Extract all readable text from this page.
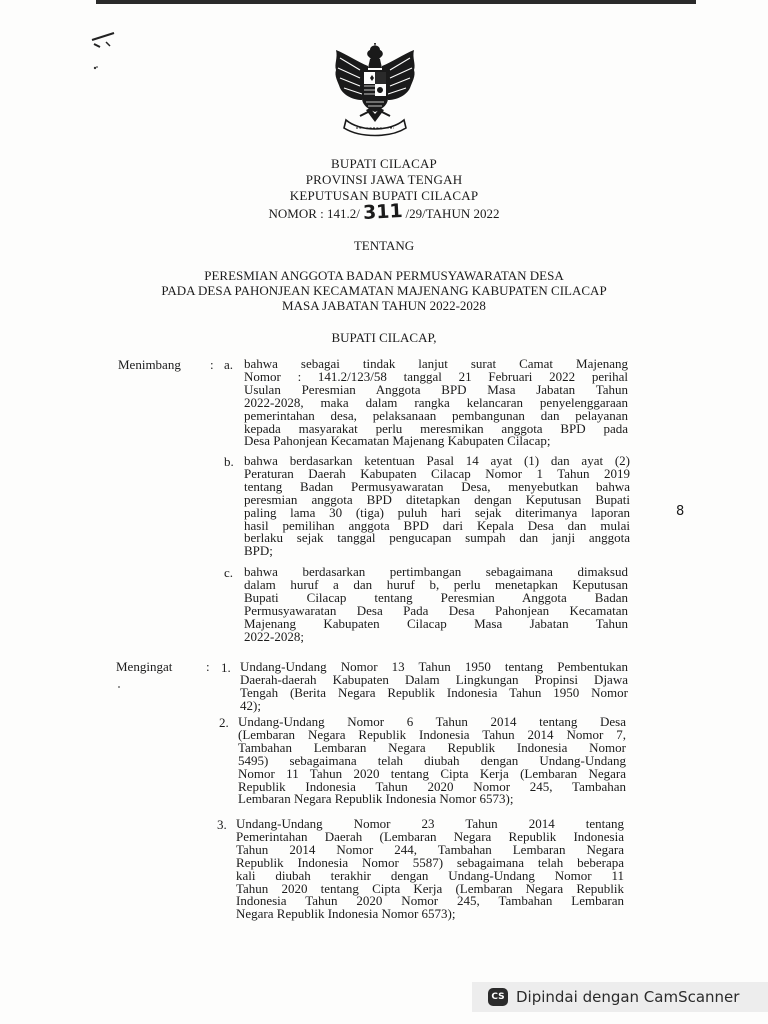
BUPATI CILACAP
PROVINSI JAWA TENGAH
KEPUTUSAN BUPATI CILACAP
NOMOR : 141.2/ 311 /29/TAHUN 2022
TENTANG
PERESMIAN ANGGOTA BADAN PERMUSYAWARATAN DESA
PADA DESA PAHONJEAN KECAMATAN MAJENANG KABUPATEN CILACAP
MASA JABATAN TAHUN 2022-2028
BUPATI CILACAP,
Menimbang : a. bahwa sebagai tindak lanjut surat Camat Majenang
Nomor : 141.2/123/58 tanggal 21 Februari 2022 perihal
Usulan Peresmian Anggota BPD Masa Jabatan Tahun
2022-2028, maka dalam rangka kelancaran penyelenggaraan
pemerintahan desa, pelaksanaan pembangunan dan pelayanan
kepada masyarakat perlu meresmikan anggota BPD pada
Desa Pahonjean Kecamatan Majenang Kabupaten Cilacap;
b. bahwa berdasarkan ketentuan Pasal 14 ayat (1) dan ayat (2)
Peraturan Daerah Kabupaten Cilacap Nomor 1 Tahun 2019
tentang Badan Permusyawaratan Desa, menyebutkan bahwa
peresmian anggota BPD ditetapkan dengan Keputusan Bupati
paling lama 30 (tiga) puluh hari sejak diterimanya laporan
hasil pemilihan anggota BPD dari Kepala Desa dan mulai
berlaku sejak tanggal pengucapan sumpah dan janji anggota
BPD;
c. bahwa berdasarkan pertimbangan sebagaimana dimaksud
dalam huruf a dan huruf b, perlu menetapkan Keputusan
Bupati Cilacap tentang Peresmian Anggota Badan
Permusyawaratan Desa Pada Desa Pahonjean Kecamatan
Majenang Kabupaten Cilacap Masa Jabatan Tahun
2022-2028;
Mengingat	: 1. Undang-Undang Nomor 13 Tahun 1950 tentang Pembentukan
Daerah-daerah Kabupaten Dalam Lingkungan Propinsi Djawa
Tengah (Berita Negara Republik Indonesia Tahun 1950 Nomor
42);
2. Undang-Undang Nomor 6 Tahun 2014 tentang Desa
(Lembaran Negara Republik Indonesia Tahun 2014 Nomor 7,
Tambahan Lembaran Negara Republik Indonesia Nomor
5495) sebagaimana telah diubah dengan Undang-Undang
Nomor 11 Tahun 2020 tentang Cipta Kerja (Lembaran Negara
Republik Indonesia Tahun 2020 Nomor 245, Tambahan
Lembaran Negara Republik Indonesia Nomor 6573);
3. Undang-Undang Nomor 23 Tahun 2014 tentang
Pemerintahan Daerah (Lembaran Negara Republik Indonesia
Tahun 2014 Nomor 244, Tambahan Lembaran Negara
Republik Indonesia Nomor 5587) sebagaimana telah beberapa
kali diubah terakhir dengan Undang-Undang Nomor 11
Tahun 2020 tentang Cipta Kerja (Lembaran Negara Republik
Indonesia Tahun 2020 Nomor 245, Tambahan Lembaran
Negara Republik Indonesia Nomor 6573);
8
CS Dipindai dengan CamScanner
